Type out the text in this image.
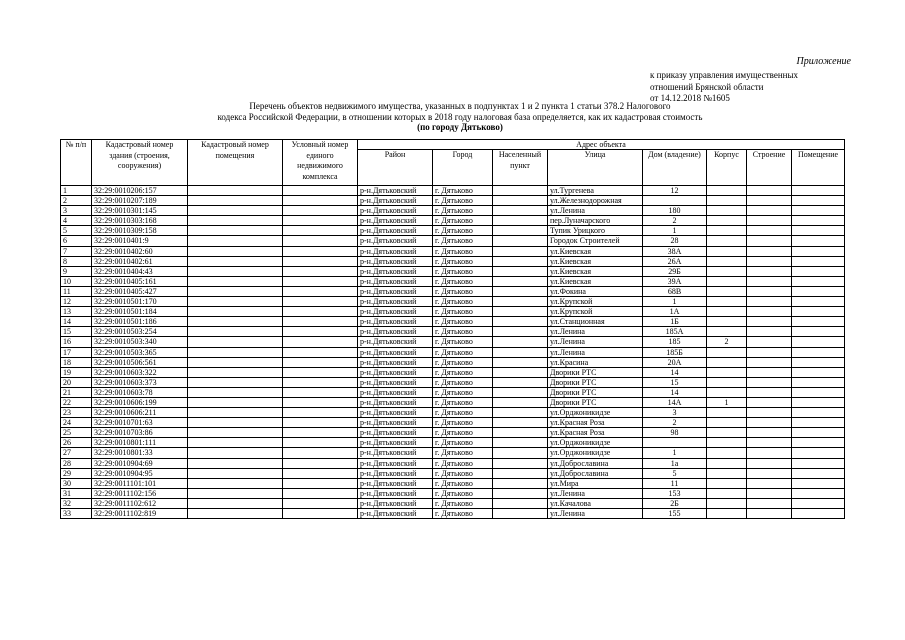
Приложение
к приказу управления имущественных
отношений Брянской области
от 14.12.2018 №1605
Перечень объектов недвижимого имущества, указанных в подпунктах 1 и 2 пункта 1 статьи 378.2 Налогового
кодекса Российской Федерации, в отношении которых в 2018 году налоговая база определяется, как их кадастровая стоимость
(по городу Дятьково)
№ п/п	Кадастровый номер здания (строения, сооружения)	Кадастровый номер помещения	Условный номер единого недвижимого комплекса	Адрес объекта							
				Район	Город	Населенный пункт	Улица	Дом (владение)	Корпус	Строение	Помещение
1	32:29:0010206:157			р-н.Дятьковский	г. Дятьково		ул.Тургенева	12			
2	32:29:0010207:189			р-н.Дятьковский	г. Дятьково		ул.Железнодорожная				
3	32:29:0010301:145			р-н.Дятьковский	г. Дятьково		ул.Ленина	180			
4	32:29:0010303:168			р-н.Дятьковский	г. Дятьково		пер.Луначарского	2			
5	32:29:0010309:158			р-н.Дятьковский	г. Дятьково		Тупик Урицкого	1			
6	32:29:0010401:9			р-н.Дятьковский	г. Дятьково		Городок Строителей	28			
7	32:29:0010402:60			р-н.Дятьковский	г. Дятьково		ул.Киевская	38А			
8	32:29:0010402:61			р-н.Дятьковский	г. Дятьково		ул.Киевская	26А			
9	32:29:0010404:43			р-н.Дятьковский	г. Дятьково		ул.Киевская	29Б			
10	32:29:0010405:161			р-н.Дятьковский	г. Дятьково		ул.Киевская	39А			
11	32:29:0010405:427			р-н.Дятьковский	г. Дятьково		ул.Фокина	68В			
12	32:29:0010501:170			р-н.Дятьковский	г. Дятьково		ул.Крупской	1			
13	32:29:0010501:184			р-н.Дятьковский	г. Дятьково		ул.Крупской	1А			
14	32:29:0010501:186			р-н.Дятьковский	г. Дятьково		ул.Станционная	1Б			
15	32:29:0010503:254			р-н.Дятьковский	г. Дятьково		ул.Ленина	185А			
16	32:29:0010503:340			р-н.Дятьковский	г. Дятьково		ул.Ленина	185	2		
17	32:29:0010503:365			р-н.Дятьковский	г. Дятьково		ул.Ленина	185Б			
18	32:29:0010506:561			р-н.Дятьковский	г. Дятьково		ул.Красина	20А			
19	32:29:0010603:322			р-н.Дятьковский	г. Дятьково		Дворики РТС	14			
20	32:29:0010603:373			р-н.Дятьковский	г. Дятьково		Дворики РТС	15			
21	32:29:0010603:78			р-н.Дятьковский	г. Дятьково		Дворики РТС	14			
22	32:29:0010606:199			р-н.Дятьковский	г. Дятьково		Дворики РТС	14А	1		
23	32:29:0010606:211			р-н.Дятьковский	г. Дятьково		ул.Орджоникидзе	3			
24	32:29:0010701:63			р-н.Дятьковский	г. Дятьково		ул.Красная Роза	2			
25	32:29:0010703:86			р-н.Дятьковский	г. Дятьково		ул.Красная Роза	98			
26	32:29:0010801:111			р-н.Дятьковский	г. Дятьково		ул.Орджоникидзе				
27	32:29:0010801:33			р-н.Дятьковский	г. Дятьково		ул.Орджоникидзе	1			
28	32:29:0010904:69			р-н.Дятьковский	г. Дятьково		ул.Доброславина	1а			
29	32:29:0010904:95			р-н.Дятьковский	г. Дятьково		ул.Доброславина	5			
30	32:29:0011101:101			р-н.Дятьковский	г. Дятьково		ул.Мира	11			
31	32:29:0011102:156			р-н.Дятьковский	г. Дятьково		ул.Ленина	153			
32	32:29:0011102:612			р-н.Дятьковский	г. Дятьково		ул.Качалова	2Б			
33	32:29:0011102:819			р-н.Дятьковский	г. Дятьково		ул.Ленина	155			
